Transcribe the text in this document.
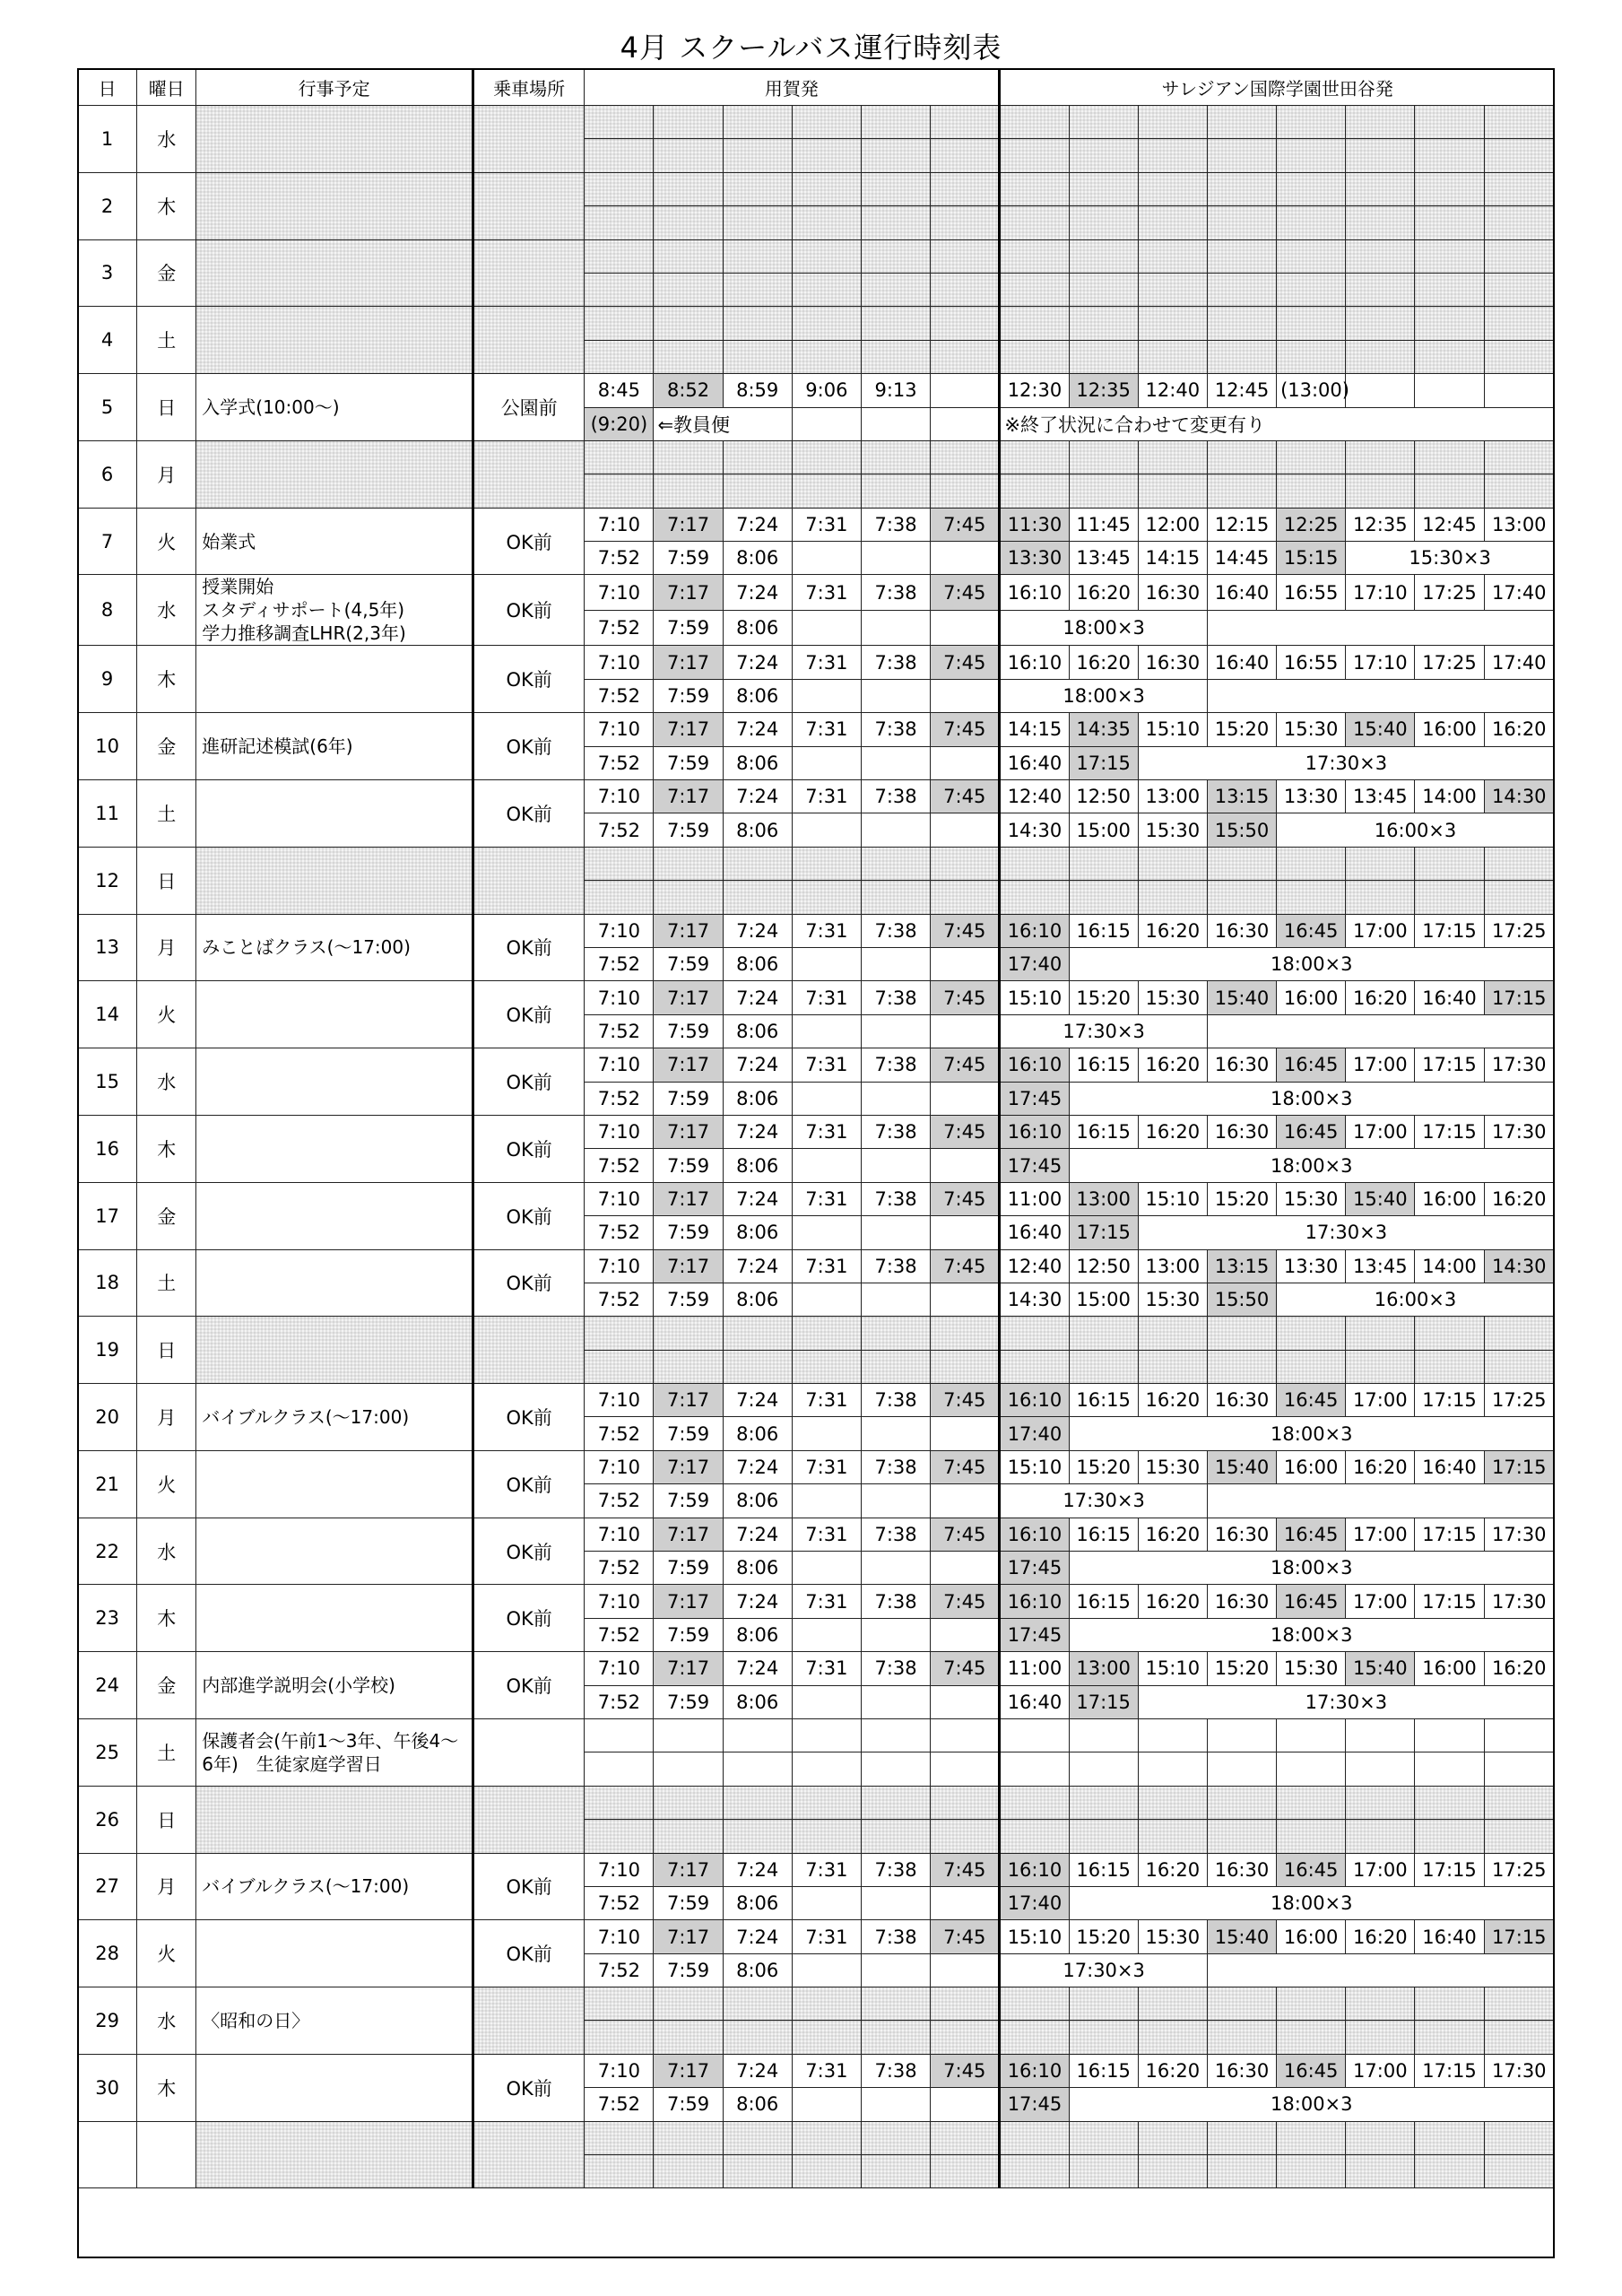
4月 スクールバス運行時刻表
日	曜日	行事予定	乗車場所	用賀発						サレジアン国際学園世田谷発							
1	水																

2	木																

3	金																

4	土																

5	日	入学式(10:00～)	公園前	8:45	8:52	8:59	9:06	9:13		12:30	12:35	12:40	12:45	(13:00)			
				(9:20)	⇐教員便					※終了状況に合わせて変更有り							
6	月																

7	火	始業式	OK前	7:10	7:17	7:24	7:31	7:38	7:45	11:30	11:45	12:00	12:15	12:25	12:35	12:45	13:00
				7:52	7:59	8:06				13:30	13:45	14:15	14:45	15:15	15:30×3		
8	水	授業開始
スタディサポート(4,5年)
学力推移調査LHR(2,3年)	OK前	7:10	7:17	7:24	7:31	7:38	7:45	16:10	16:20	16:30	16:40	16:55	17:10	17:25	17:40
				7:52	7:59	8:06				18:00×3							
9	木		OK前	7:10	7:17	7:24	7:31	7:38	7:45	16:10	16:20	16:30	16:40	16:55	17:10	17:25	17:40
				7:52	7:59	8:06				18:00×3							
10	金	進研記述模試(6年)	OK前	7:10	7:17	7:24	7:31	7:38	7:45	14:15	14:35	15:10	15:20	15:30	15:40	16:00	16:20
				7:52	7:59	8:06				16:40	17:15	17:30×3					
11	土		OK前	7:10	7:17	7:24	7:31	7:38	7:45	12:40	12:50	13:00	13:15	13:30	13:45	14:00	14:30
				7:52	7:59	8:06				14:30	15:00	15:30	15:50	16:00×3			
12	日																

13	月	みことばクラス(～17:00)	OK前	7:10	7:17	7:24	7:31	7:38	7:45	16:10	16:15	16:20	16:30	16:45	17:00	17:15	17:25
				7:52	7:59	8:06				17:40	18:00×3						
14	火		OK前	7:10	7:17	7:24	7:31	7:38	7:45	15:10	15:20	15:30	15:40	16:00	16:20	16:40	17:15
				7:52	7:59	8:06				17:30×3							
15	水		OK前	7:10	7:17	7:24	7:31	7:38	7:45	16:10	16:15	16:20	16:30	16:45	17:00	17:15	17:30
				7:52	7:59	8:06				17:45	18:00×3						
16	木		OK前	7:10	7:17	7:24	7:31	7:38	7:45	16:10	16:15	16:20	16:30	16:45	17:00	17:15	17:30
				7:52	7:59	8:06				17:45	18:00×3						
17	金		OK前	7:10	7:17	7:24	7:31	7:38	7:45	11:00	13:00	15:10	15:20	15:30	15:40	16:00	16:20
				7:52	7:59	8:06				16:40	17:15	17:30×3					
18	土		OK前	7:10	7:17	7:24	7:31	7:38	7:45	12:40	12:50	13:00	13:15	13:30	13:45	14:00	14:30
				7:52	7:59	8:06				14:30	15:00	15:30	15:50	16:00×3			
19	日																

20	月	バイブルクラス(～17:00)	OK前	7:10	7:17	7:24	7:31	7:38	7:45	16:10	16:15	16:20	16:30	16:45	17:00	17:15	17:25
				7:52	7:59	8:06				17:40	18:00×3						
21	火		OK前	7:10	7:17	7:24	7:31	7:38	7:45	15:10	15:20	15:30	15:40	16:00	16:20	16:40	17:15
				7:52	7:59	8:06				17:30×3							
22	水		OK前	7:10	7:17	7:24	7:31	7:38	7:45	16:10	16:15	16:20	16:30	16:45	17:00	17:15	17:30
				7:52	7:59	8:06				17:45	18:00×3						
23	木		OK前	7:10	7:17	7:24	7:31	7:38	7:45	16:10	16:15	16:20	16:30	16:45	17:00	17:15	17:30
				7:52	7:59	8:06				17:45	18:00×3						
24	金	内部進学説明会(小学校)	OK前	7:10	7:17	7:24	7:31	7:38	7:45	11:00	13:00	15:10	15:20	15:30	15:40	16:00	16:20
				7:52	7:59	8:06				16:40	17:15	17:30×3					
25	土	保護者会(午前1～3年、午後4～6年)　生徒家庭学習日															

26	日																

27	月	バイブルクラス(～17:00)	OK前	7:10	7:17	7:24	7:31	7:38	7:45	16:10	16:15	16:20	16:30	16:45	17:00	17:15	17:25
				7:52	7:59	8:06				17:40	18:00×3						
28	火		OK前	7:10	7:17	7:24	7:31	7:38	7:45	15:10	15:20	15:30	15:40	16:00	16:20	16:40	17:15
				7:52	7:59	8:06				17:30×3							
29	水	〈昭和の日〉															

30	木		OK前	7:10	7:17	7:24	7:31	7:38	7:45	16:10	16:15	16:20	16:30	16:45	17:00	17:15	17:30
				7:52	7:59	8:06				17:45	18:00×3						
